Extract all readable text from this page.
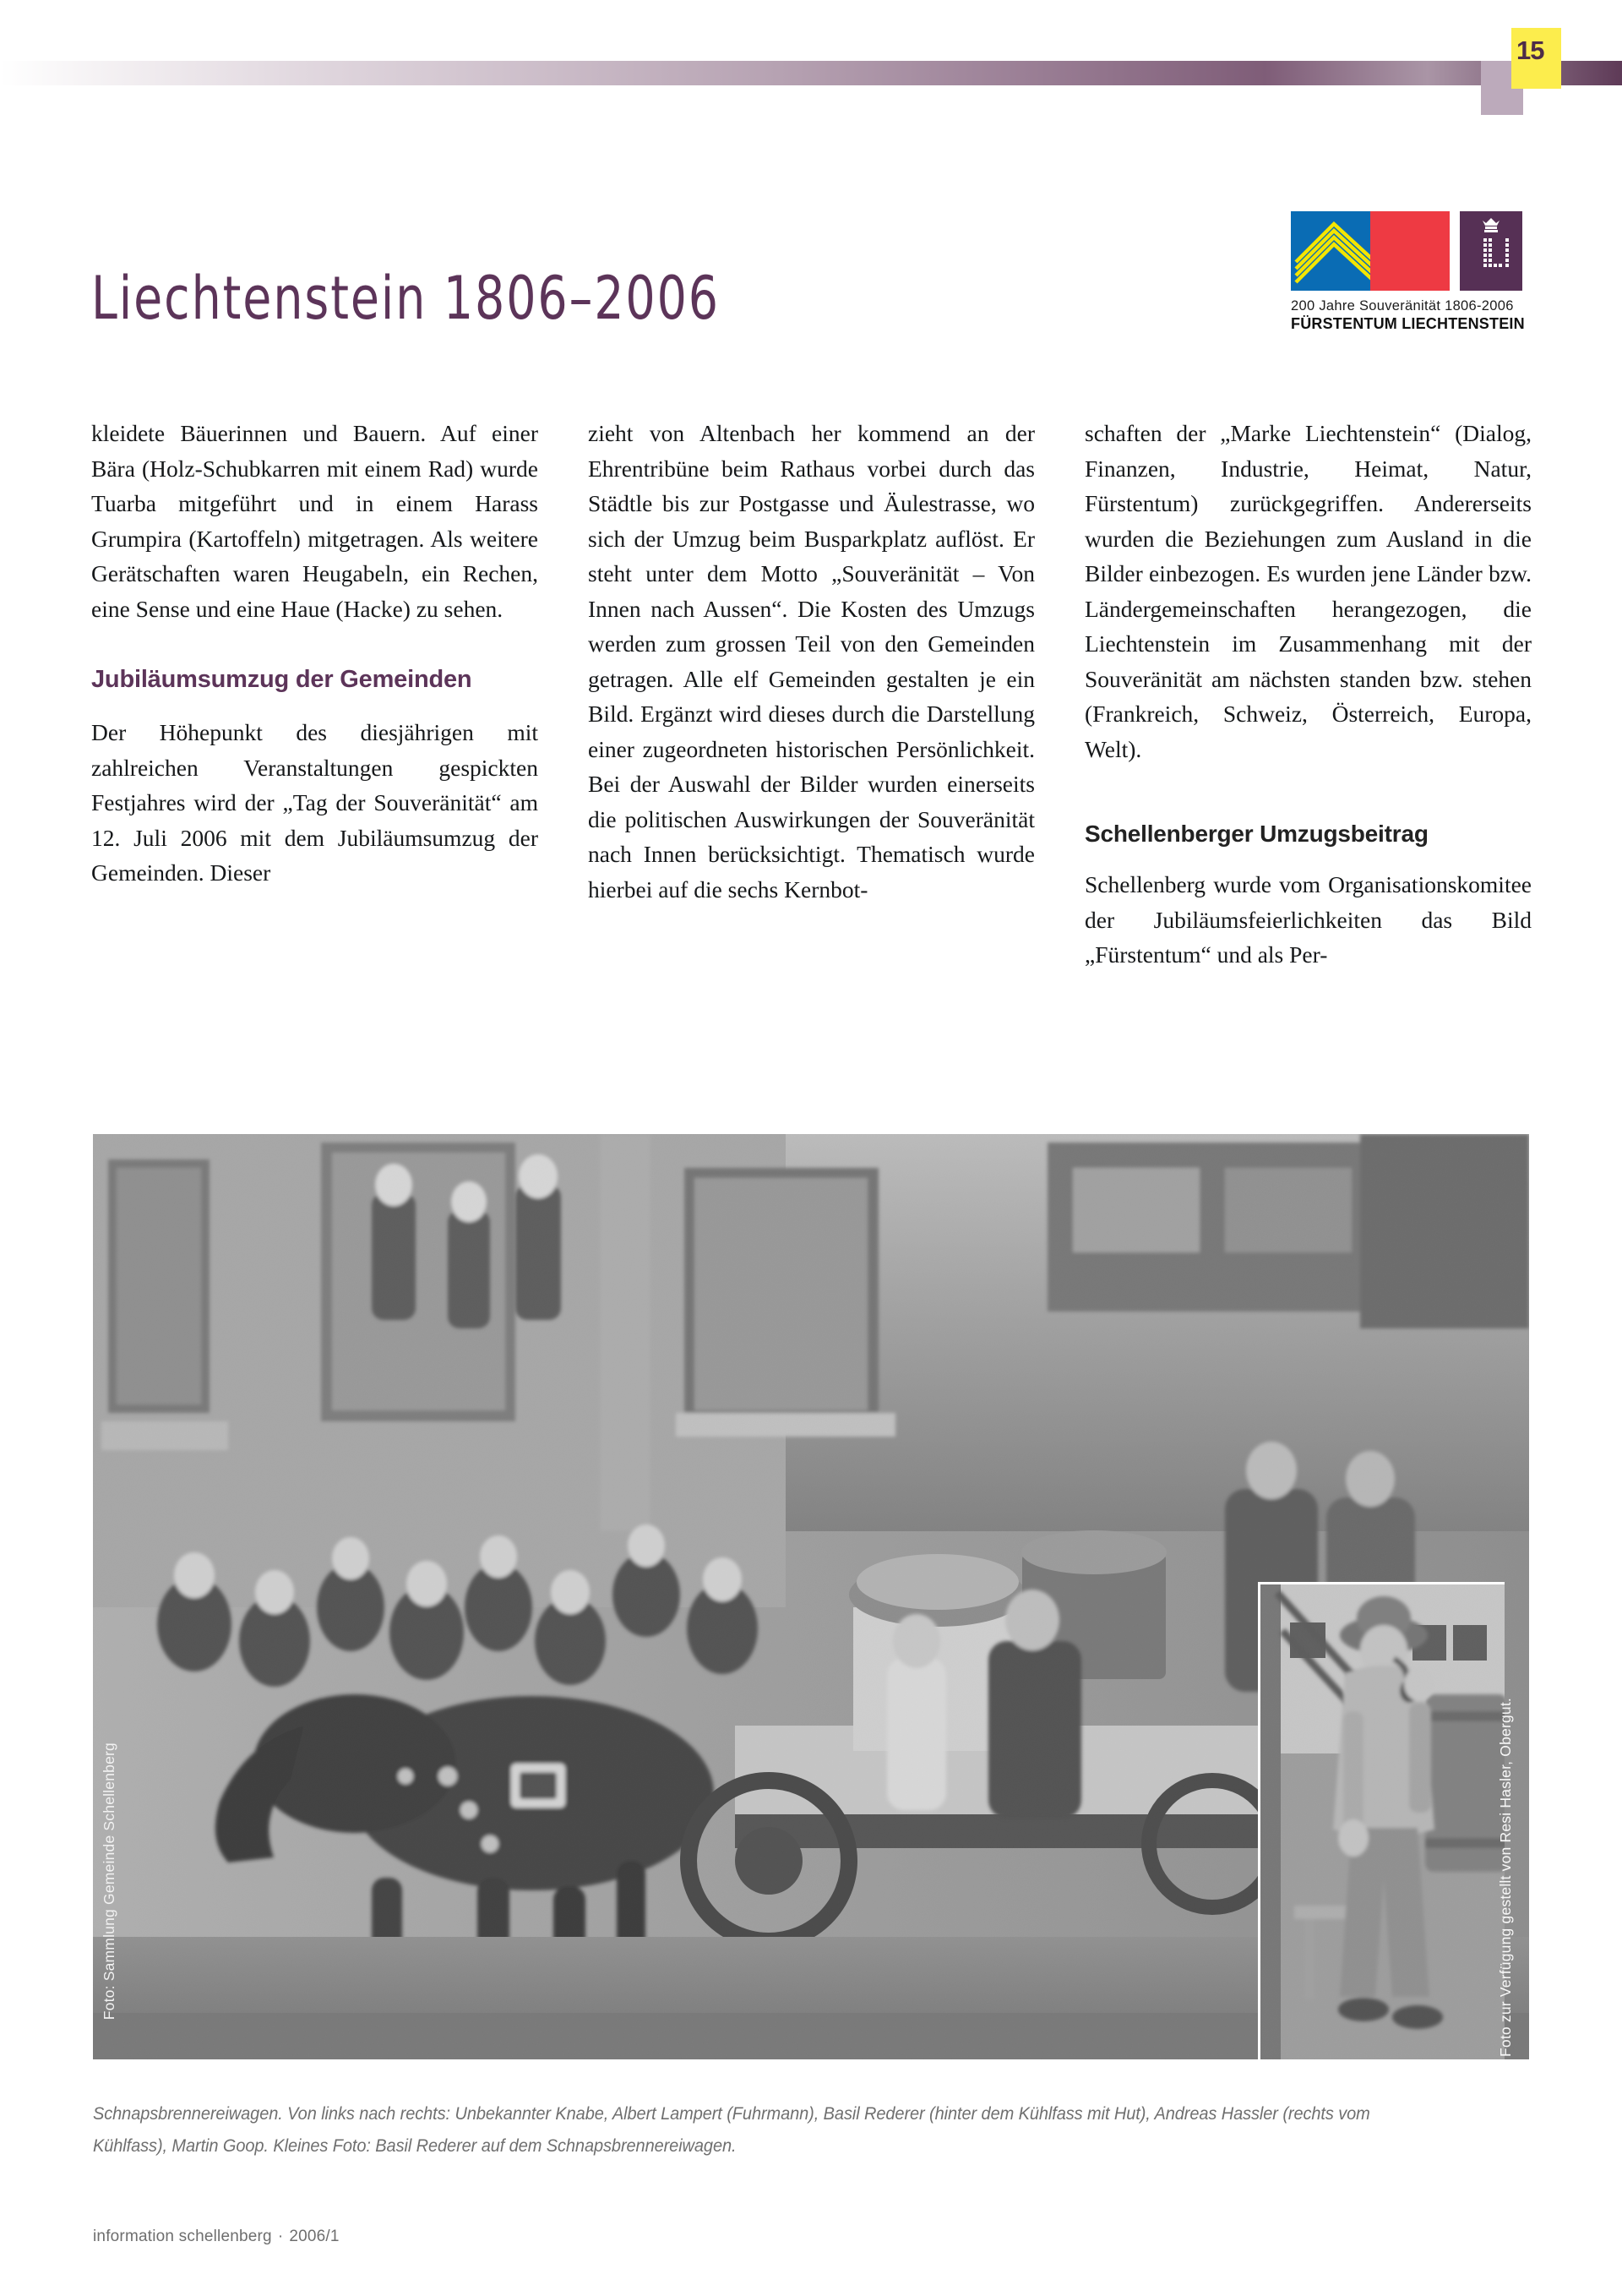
15
200 Jahre Souveränität 1806-2006
FÜRSTENTUM LIECHTENSTEIN
Liechtenstein 1806–2006

kleidete Bäuerinnen und Bauern. Auf einer Bära (Holz-Schubkarren mit einem Rad) wurde Tuarba mitgeführt und in einem Harass Grumpira (Kartoffeln) mitgetragen. Als weitere Gerätschaften waren Heugabeln, ein Rechen, eine Sense und eine Haue (Hacke) zu sehen.

Jubiläumsumzug der Gemeinden

Der Höhepunkt des diesjährigen mit zahlreichen Veranstaltungen gespickten Festjahres wird der „Tag der Souveränität“ am 12. Juli 2006 mit dem Jubiläumsumzug der Gemeinden. Dieser

zieht von Altenbach her kommend an der Ehrentribüne beim Rathaus vorbei durch das Städtle bis zur Postgasse und Äulestrasse, wo sich der Umzug beim Busparkplatz auflöst. Er steht unter dem Motto „Souveränität – Von Innen nach Aussen“. Die Kosten des Umzugs werden zum grossen Teil von den Gemeinden getragen. Alle elf Gemeinden gestalten je ein Bild. Ergänzt wird dieses durch die Darstellung einer zugeordneten historischen Persönlichkeit. Bei der Auswahl der Bilder wurden einerseits die politischen Auswirkungen der Souveränität nach Innen berücksichtigt. Thematisch wurde hierbei auf die sechs Kernbot-

schaften der „Marke Liechtenstein“ (Dialog, Finanzen, Industrie, Heimat, Natur, Fürstentum) zurückgegriffen. Andererseits wurden die Beziehungen zum Ausland in die Bilder einbezogen. Es wurden jene Länder bzw. Ländergemeinschaften herangezogen, die Liechtenstein im Zusammenhang mit der Souveränität am nächsten standen bzw. stehen (Frankreich, Schweiz, Österreich, Europa, Welt).

Schellenberger Umzugsbeitrag

Schellenberg wurde vom Organisationskomitee der Jubiläumsfeierlichkeiten das Bild „Fürstentum“ und als Per-

Foto: Sammlung Gemeinde Schellenberg	Foto zur Verfügung gestellt von Resi Hasler, Obergut.
Schnapsbrennereiwagen. Von links nach rechts: Unbekannter Knabe, Albert Lampert (Fuhrmann), Basil Rederer (hinter dem Kühlfass mit Hut), Andreas Hassler (rechts vom Kühlfass), Martin Goop. Kleines Foto: Basil Rederer auf dem Schnapsbrennereiwagen.
information schellenberg · 2006/1
